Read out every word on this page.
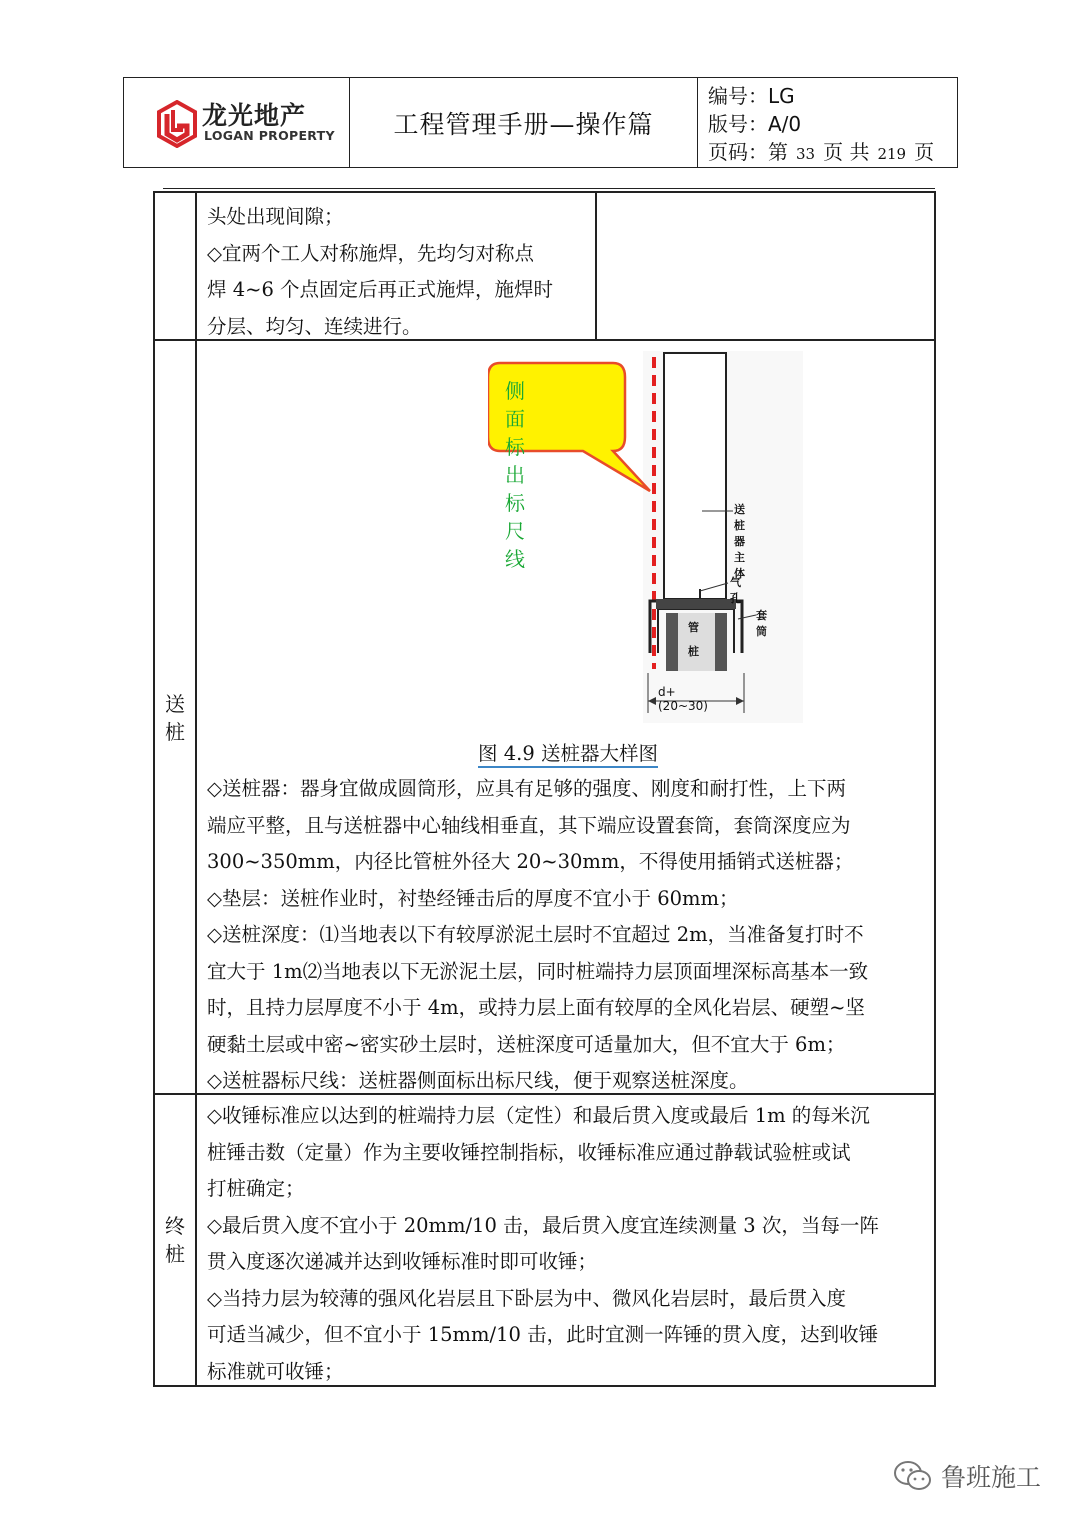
龙光地产
LOGAN PROPERTY	工程管理手册—操作篇
编号：LG
版号：A/0
页码：第 33 页 共 219 页
头处出现间隙；
◇宜两个工人对称施焊，先均匀对称点
焊 4~6 个点固定后再正式施焊，施焊时
分层、均匀、连续进行。
送
桩
侧面标出
标尺线
送桩器主体
气孔
套筒
管
桩
d+(20~30)
图 4.9 送桩器大样图
◇送桩器：器身宜做成圆筒形，应具有足够的强度、刚度和耐打性，上下两
端应平整，且与送桩器中心轴线相垂直，其下端应设置套筒，套筒深度应为
300~350mm，内径比管桩外径大 20~30mm，不得使用插销式送桩器；
◇垫层：送桩作业时，衬垫经锤击后的厚度不宜小于 60mm；
◇送桩深度：⑴当地表以下有较厚淤泥土层时不宜超过 2m，当准备复打时不
宜大于 1m⑵当地表以下无淤泥土层，同时桩端持力层顶面埋深标高基本一致
时，且持力层厚度不小于 4m，或持力层上面有较厚的全风化岩层、硬塑~坚
硬黏土层或中密~密实砂土层时，送桩深度可适量加大，但不宜大于 6m；
◇送桩器标尺线：送桩器侧面标出标尺线，便于观察送桩深度。
终
桩
◇收锤标准应以达到的桩端持力层（定性）和最后贯入度或最后 1m 的每米沉
桩锤击数（定量）作为主要收锤控制指标，收锤标准应通过静载试验桩或试
打桩确定；
◇最后贯入度不宜小于 20mm/10 击，最后贯入度宜连续测量 3 次，当每一阵
贯入度逐次递减并达到收锤标准时即可收锤；
◇当持力层为较薄的强风化岩层且下卧层为中、微风化岩层时，最后贯入度
可适当减少，但不宜小于 15mm/10 击，此时宜测一阵锤的贯入度，达到收锤
标准就可收锤；
鲁班施工
